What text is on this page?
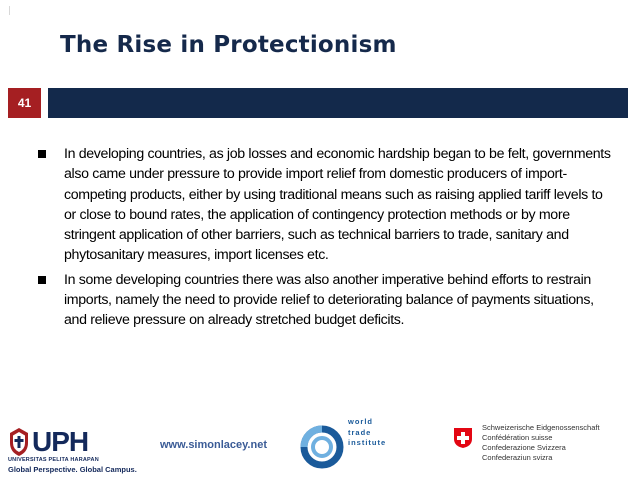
The Rise in Protectionism
41
In developing countries, as job losses and economic hardship began to be felt, governments also came under pressure to provide import relief from domestic producers of import-competing products, either by using traditional means such as raising applied tariff levels to or close to bound rates, the application of contingency protection methods or by more stringent application of other barriers, such as technical barriers to trade, sanitary and phytosanitary measures, import licenses etc.
In some developing countries there was also another imperative behind efforts to restrain imports, namely the need to provide relief to deteriorating balance of payments situations, and relieve pressure on already stretched budget deficits.
UPH
UNIVERSITAS PELITA HARAPAN
Global Perspective. Global Campus.
www.simonlacey.net
world
trade
institute
Schweizerische Eidgenossenschaft
Confédération suisse
Confederazione Svizzera
Confederaziun svizra
